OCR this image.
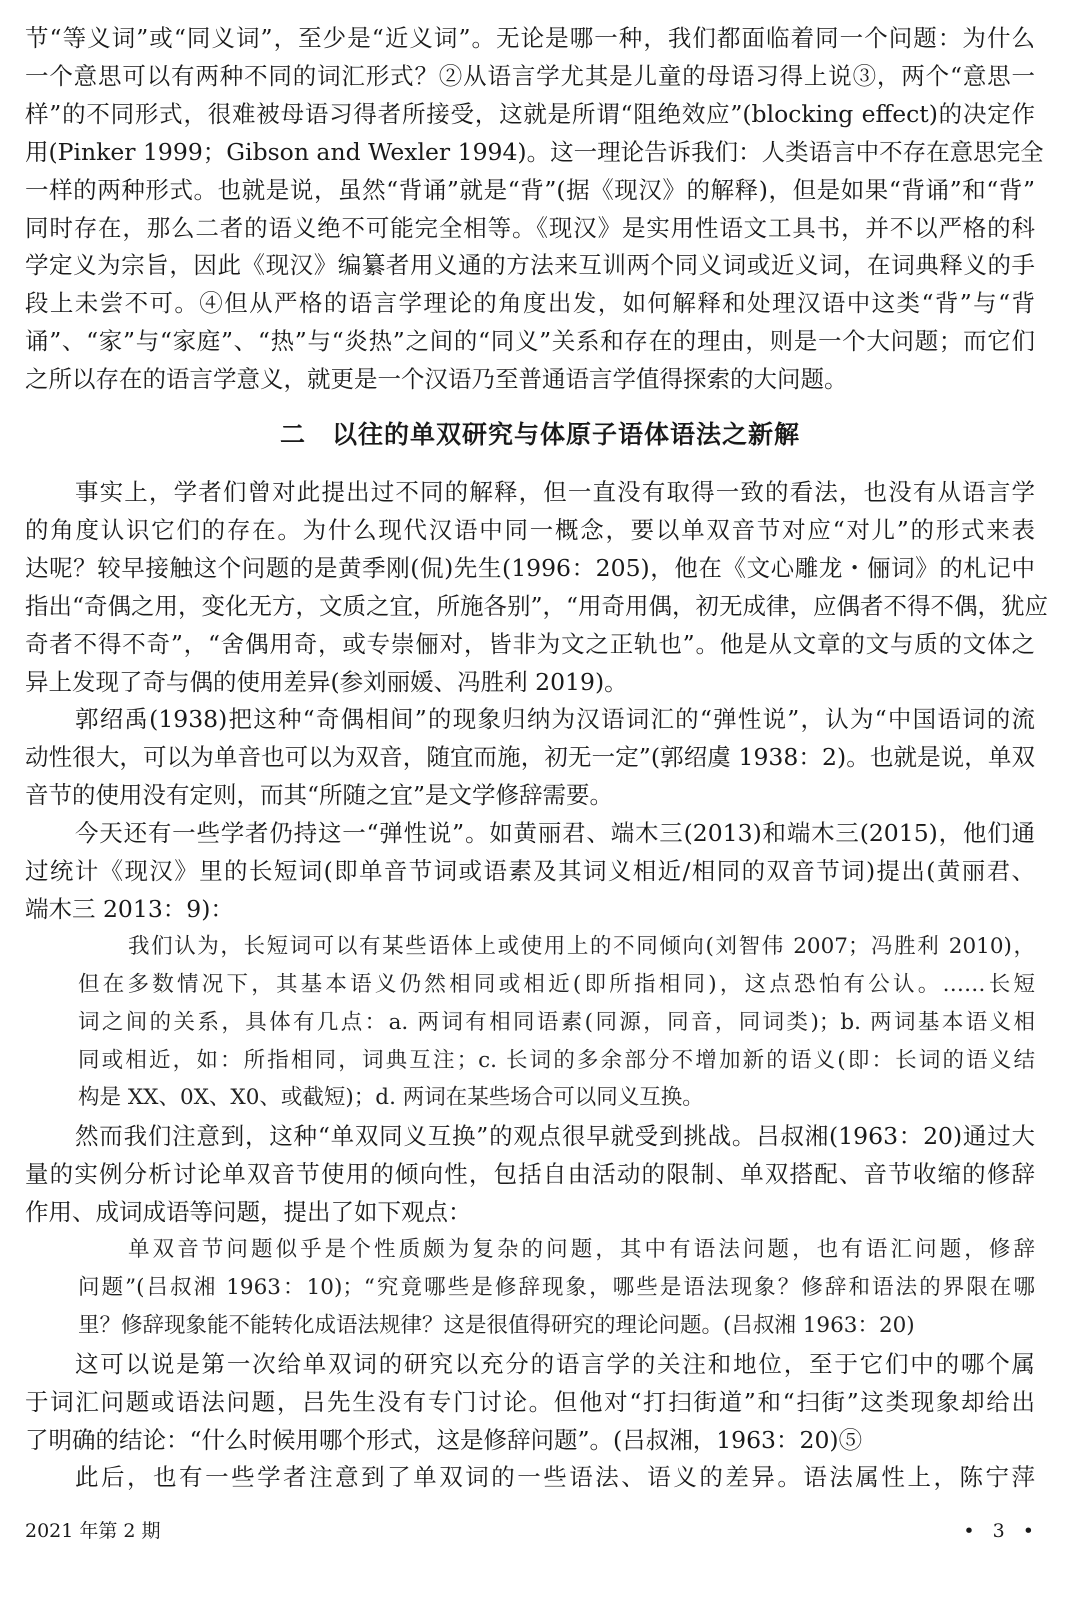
节“等义词”或“同义词”，至少是“近义词”。无论是哪一种，我们都面临着同一个问题：为什么
一个意思可以有两种不同的词汇形式？②从语言学尤其是儿童的母语习得上说③，两个“意思一
样”的不同形式，很难被母语习得者所接受，这就是所谓“阻绝效应”(blocking effect)的决定作
用(Pinker 1999；Gibson and Wexler 1994)。这一理论告诉我们：人类语言中不存在意思完全
一样的两种形式。也就是说，虽然“背诵”就是“背”(据《现汉》的解释)，但是如果“背诵”和“背”
同时存在，那么二者的语义绝不可能完全相等。《现汉》是实用性语文工具书，并不以严格的科
学定义为宗旨，因此《现汉》编纂者用义通的方法来互训两个同义词或近义词，在词典释义的手
段上未尝不可。④但从严格的语言学理论的角度出发，如何解释和处理汉语中这类“背”与“背
诵”、“家”与“家庭”、“热”与“炎热”之间的“同义”关系和存在的理由，则是一个大问题；而它们
之所以存在的语言学意义，就更是一个汉语乃至普通语言学值得探索的大问题。
二　以往的单双研究与体原子语体语法之新解
事实上，学者们曾对此提出过不同的解释，但一直没有取得一致的看法，也没有从语言学
的角度认识它们的存在。为什么现代汉语中同一概念，要以单双音节对应“对儿”的形式来表
达呢？较早接触这个问题的是黄季刚(侃)先生(1996：205)，他在《文心雕龙・俪词》的札记中
指出“奇偶之用，变化无方，文质之宜，所施各别”，“用奇用偶，初无成律，应偶者不得不偶，犹应
奇者不得不奇”，“舍偶用奇，或专崇俪对，皆非为文之正轨也”。他是从文章的文与质的文体之
异上发现了奇与偶的使用差异(参刘丽媛、冯胜利 2019)。
郭绍禹(1938)把这种“奇偶相间”的现象归纳为汉语词汇的“弹性说”，认为“中国语词的流
动性很大，可以为单音也可以为双音，随宜而施，初无一定”(郭绍虞 1938：2)。也就是说，单双
音节的使用没有定则，而其“所随之宜”是文学修辞需要。
今天还有一些学者仍持这一“弹性说”。如黄丽君、端木三(2013)和端木三(2015)，他们通
过统计《现汉》里的长短词(即单音节词或语素及其词义相近/相同的双音节词)提出(黄丽君、
端木三 2013：9)：
我们认为，长短词可以有某些语体上或使用上的不同倾向(刘智伟 2007；冯胜利 2010)，
但在多数情况下，其基本语义仍然相同或相近(即所指相同)，这点恐怕有公认。……长短
词之间的关系，具体有几点：a. 两词有相同语素(同源，同音，同词类)；b. 两词基本语义相
同或相近，如：所指相同，词典互注；c. 长词的多余部分不增加新的语义(即：长词的语义结
构是 XX、0X、X0、或截短)；d. 两词在某些场合可以同义互换。
然而我们注意到，这种“单双同义互换”的观点很早就受到挑战。吕叔湘(1963：20)通过大
量的实例分析讨论单双音节使用的倾向性，包括自由活动的限制、单双搭配、音节收缩的修辞
作用、成词成语等问题，提出了如下观点：
单双音节问题似乎是个性质颇为复杂的问题，其中有语法问题，也有语汇问题，修辞
问题”(吕叔湘 1963：10)；“究竟哪些是修辞现象，哪些是语法现象？修辞和语法的界限在哪
里？修辞现象能不能转化成语法规律？这是很值得研究的理论问题。(吕叔湘 1963：20)
这可以说是第一次给单双词的研究以充分的语言学的关注和地位，至于它们中的哪个属
于词汇问题或语法问题，吕先生没有专门讨论。但他对“打扫街道”和“扫街”这类现象却给出
了明确的结论：“什么时候用哪个形式，这是修辞问题”。(吕叔湘，1963：20)⑤
此后，也有一些学者注意到了单双词的一些语法、语义的差异。语法属性上，陈宁萍
2021 年第 2 期	• 3 •
